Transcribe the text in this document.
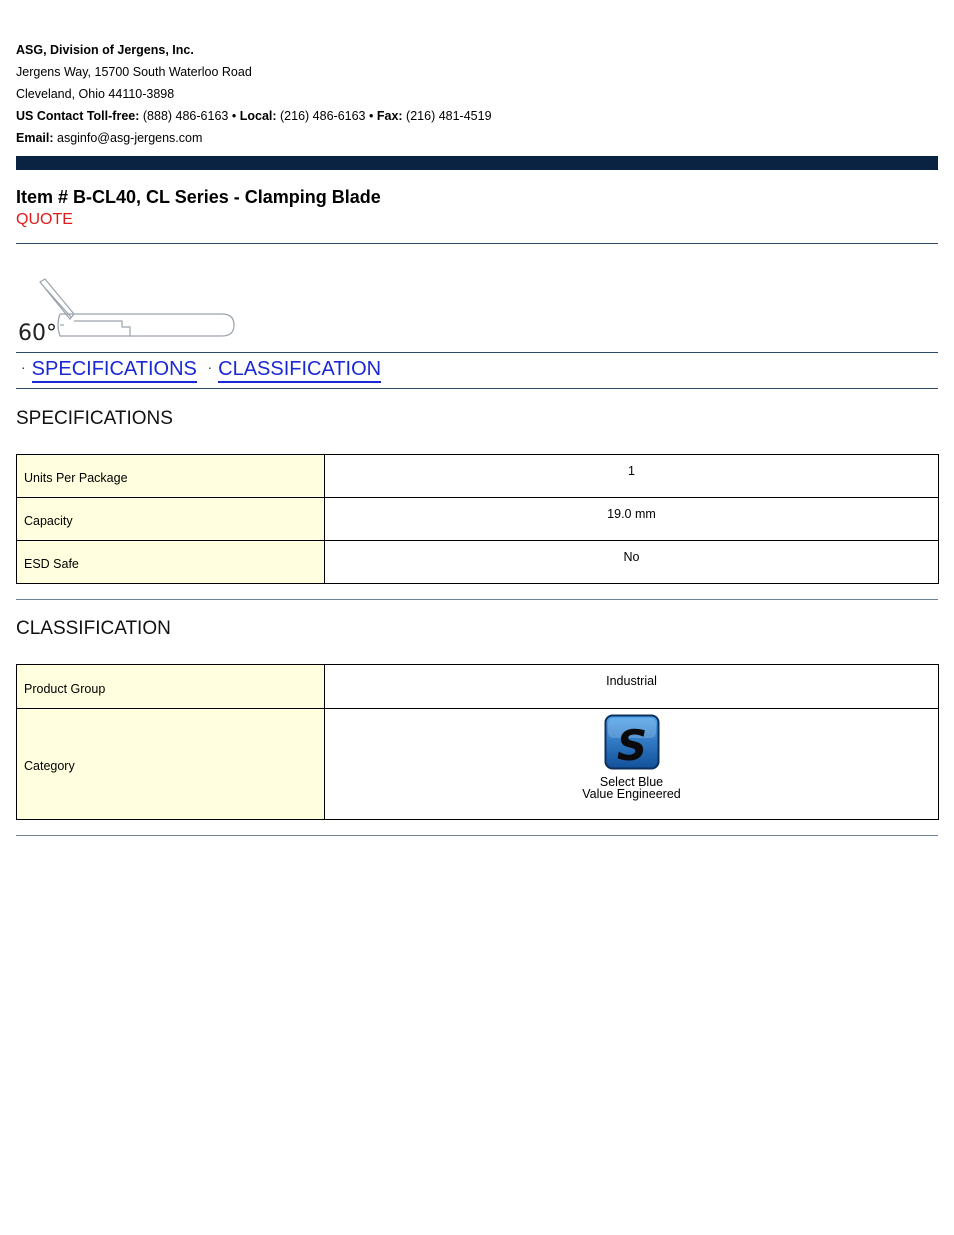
ASG, Division of Jergens, Inc.
Jergens Way, 15700 South Waterloo Road
Cleveland, Ohio 44110-3898
US Contact Toll-free: (888) 486-6163 • Local: (216) 486-6163 • Fax: (216) 481-4519
Email: asginfo@asg-jergens.com
Item # B-CL40, CL Series - Clamping Blade
QUOTE
60°
· SPECIFICATIONS · CLASSIFICATION
SPECIFICATIONS
Units Per Package	1
Capacity	19.0 mm
ESD Safe	No
CLASSIFICATION
Product Group	Industrial
Category	S
Select Blue
Value Engineered
